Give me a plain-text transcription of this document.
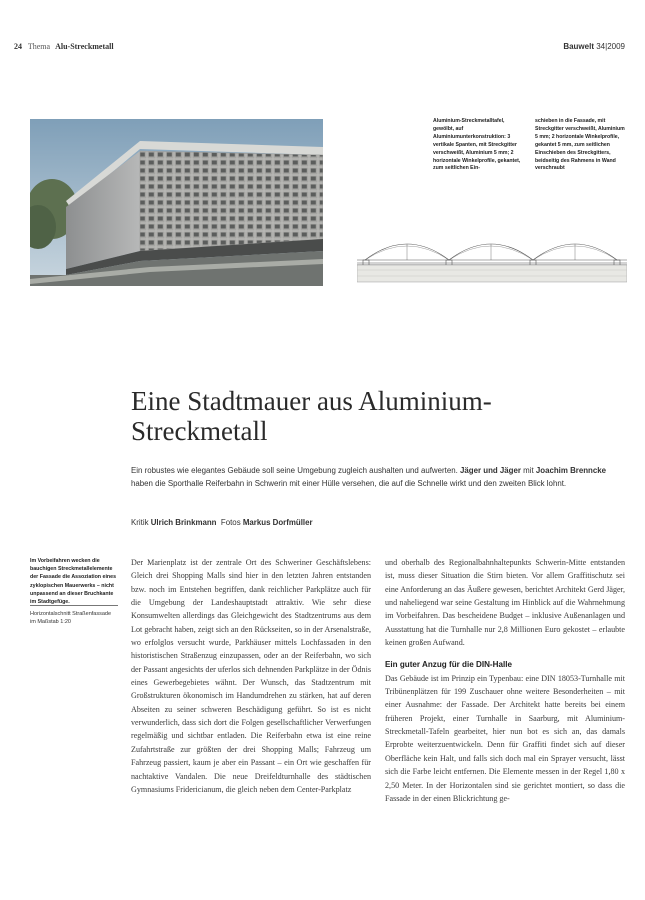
24 Thema Alu-Streckmetall	Bauwelt 34|2009
Aluminium-Streckmetalltafel, gewölbt, auf Aluminiumunterkonstruktion: 3 vertikale Spanten, mit Streckgitter verschweißt, Aluminium 5 mm; 2 horizontale Winkelprofile, gekantet, zum seitlichen Ein-
schieben in die Fassade, mit Streckgitter verschweißt, Aluminium 5 mm; 2 horizontale Winkelprofile, gekantet 5 mm, zum seitlichen Einschieben des Streckgitters, beidseitig des Rahmens in Wand verschraubt
Eine Stadtmauer aus Aluminium-Streckmetall
Ein robustes wie elegantes Gebäude soll seine Umgebung zugleich aushalten und aufwerten. Jäger und Jäger mit Joachim Brenncke haben die Sporthalle Reiferbahn in Schwerin mit einer Hülle versehen, die auf die Schnelle wirkt und den zweiten Blick lohnt.
Kritik Ulrich Brinkmann  Fotos Markus Dorfmüller
Im Vorbeifahren wecken die bauchigen Streckmetallelemente der Fassade die Assoziation eines zyklopischen Mauerwerks – nicht unpassend an dieser Bruchkante im Stadtgefüge.
Horizontalschnitt Straßenfassade im Maßstab 1:20

Der Marienplatz ist der zentrale Ort des Schweriner Geschäftslebens: Gleich drei Shopping Malls sind hier in den letzten Jahren entstanden bzw. noch im Entstehen begriffen, dank reichlicher Parkplätze auch für die Umgebung der Landeshauptstadt attraktiv. Wie sehr diese Konsumwelten allerdings das Gleichgewicht des Stadtzentrums aus dem Lot gebracht haben, zeigt sich an den Rückseiten, so in der Arsenalstraße, wo erfolglos versucht wurde, Parkhäuser mittels Lochfassaden in den historistischen Straßenzug einzupassen, oder an der Reiferbahn, wo sich der Passant angesichts der uferlos sich dehnenden Parkplätze in der Ödnis eines Gewerbegebietes wähnt. Der Wunsch, das Stadtzentrum mit Großstrukturen ökonomisch im Handumdrehen zu stärken, hat auf deren Abseiten zu seiner schweren Beschädigung geführt. So ist es nicht verwunderlich, dass sich dort die Folgen gesellschaftlicher Verwerfungen regelmäßig und sichtbar entladen. Die Reiferbahn etwa ist eine reine Zufahrtstraße zur größten der drei Shopping Malls; Fahrzeug um Fahrzeug passiert, kaum je aber ein Passant – ein Ort wie geschaffen für nachtaktive Vandalen. Die neue Dreifeldturnhalle des städtischen Gymnasiums Fridericianum, die gleich neben dem Center-Parkplatz

und oberhalb des Regionalbahnhaltepunkts Schwerin-Mitte entstanden ist, muss dieser Situation die Stirn bieten. Vor allem Graffitischutz sei eine Anforderung an das Äußere gewesen, berichtet Architekt Gerd Jäger, und naheliegend war seine Gestaltung im Hinblick auf die Wahrnehmung im Vorbeifahren. Das bescheidene Budget – inklusive Außenanlagen und Ausstattung hat die Turnhalle nur 2,8 Millionen Euro gekostet – erlaubte keinen großen Aufwand.

Ein guter Anzug für die DIN-Halle

Das Gebäude ist im Prinzip ein Typenbau: eine DIN 18053-Turnhalle mit Tribünenplätzen für 199 Zuschauer ohne weitere Besonderheiten – mit einer Ausnahme: der Fassade. Der Architekt hatte bereits bei einem früheren Projekt, einer Turnhalle in Saarburg, mit Aluminium-Streckmetall-Tafeln gearbeitet, hier nun bot es sich an, das damals Erprobte weiterzuentwickeln. Denn für Graffiti findet sich auf dieser Oberfläche kein Halt, und falls sich doch mal ein Sprayer versucht, lässt sich die Farbe leicht entfernen. Die Elemente messen in der Regel 1,80 x 2,50 Meter. In der Horizontalen sind sie gerichtet montiert, so dass die Fassade in der einen Blickrichtung ge-
